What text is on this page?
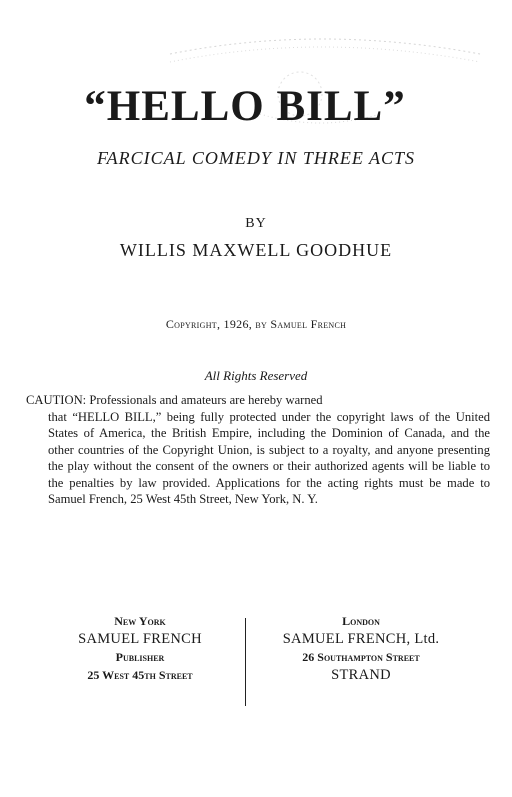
“HELLO BILL”
FARCICAL COMEDY IN THREE ACTS
BY
WILLIS MAXWELL GOODHUE
Copyright, 1926, by Samuel French
All Rights Reserved
CAUTION: Professionals and amateurs are hereby warned
that “HELLO BILL,” being fully protected under the copyright laws of the United States of America, the British Empire, including the Dominion of Canada, and the other countries of the Copyright Union, is subject to a royalty, and anyone presenting the play without the consent of the owners or their authorized agents will be liable to the penalties by law provided. Applications for the acting rights must be made to Samuel French, 25 West 45th Street, New York, N. Y.
New York
SAMUEL FRENCH
Publisher
25 West 45th Street
London
SAMUEL FRENCH, Ltd.
26 Southampton Street
STRAND
